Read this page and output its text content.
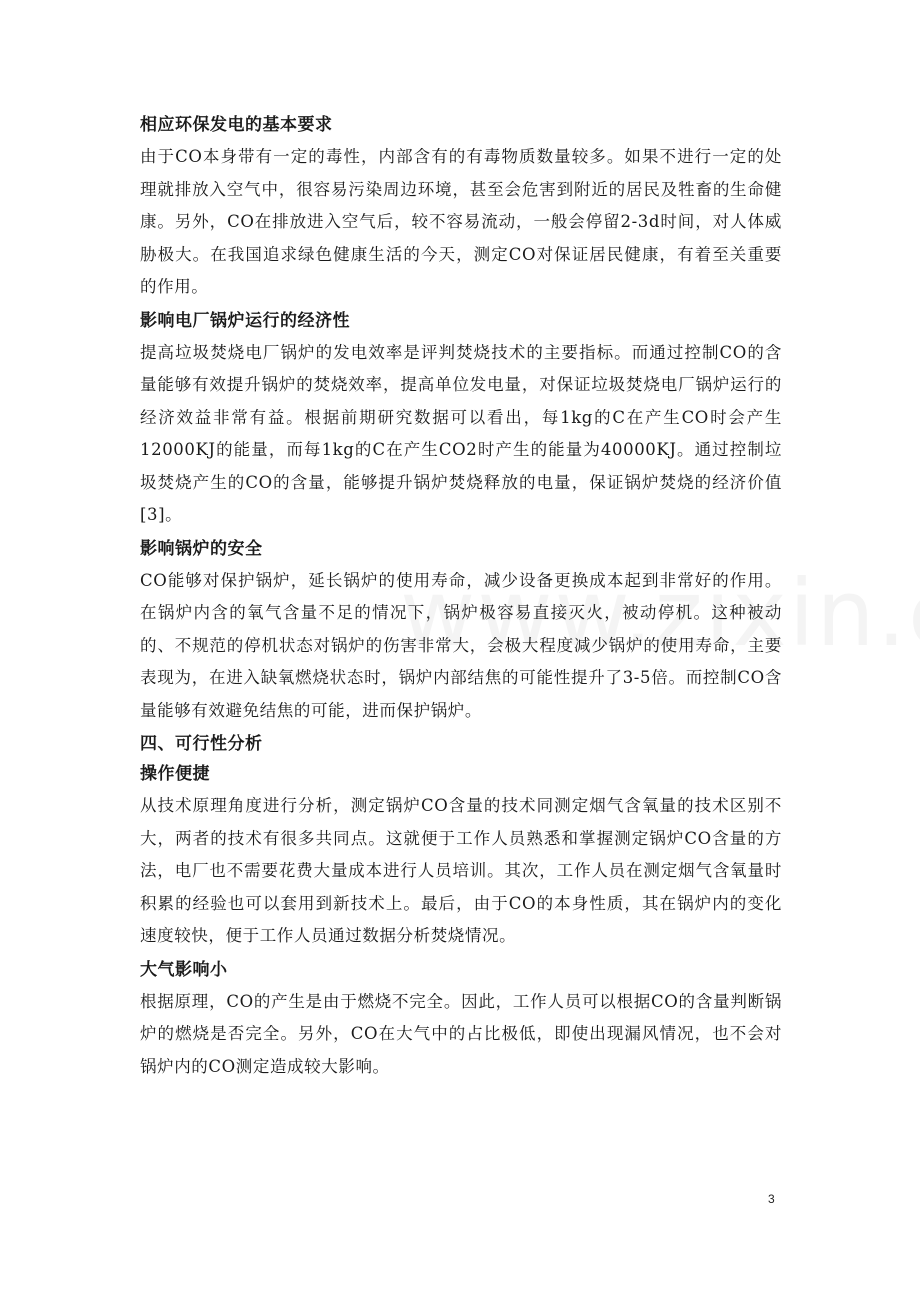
相应环保发电的基本要求

由于CO本身带有一定的毒性，内部含有的有毒物质数量较多。如果不进行一定的处理就排放入空气中，很容易污染周边环境，甚至会危害到附近的居民及牲畜的生命健康。另外，CO在排放进入空气后，较不容易流动，一般会停留2-3d时间，对人体威胁极大。在我国追求绿色健康生活的今天，测定CO对保证居民健康，有着至关重要的作用。

影响电厂锅炉运行的经济性

提高垃圾焚烧电厂锅炉的发电效率是评判焚烧技术的主要指标。而通过控制CO的含量能够有效提升锅炉的焚烧效率，提高单位发电量，对保证垃圾焚烧电厂锅炉运行的经济效益非常有益。根据前期研究数据可以看出，每1kg的C在产生CO时会产生12000KJ的能量，而每1kg的C在产生CO2时产生的能量为40000KJ。通过控制垃圾焚烧产生的CO的含量，能够提升锅炉焚烧释放的电量，保证锅炉焚烧的经济价值[3]。

影响锅炉的安全

CO能够对保护锅炉，延长锅炉的使用寿命，减少设备更换成本起到非常好的作用。在锅炉内含的氧气含量不足的情况下，锅炉极容易直接灭火，被动停机。这种被动的、不规范的停机状态对锅炉的伤害非常大，会极大程度减少锅炉的使用寿命，主要表现为，在进入缺氧燃烧状态时，锅炉内部结焦的可能性提升了3-5倍。而控制CO含量能够有效避免结焦的可能，进而保护锅炉。

四、可行性分析
操作便捷

从技术原理角度进行分析，测定锅炉CO含量的技术同测定烟气含氧量的技术区别不大，两者的技术有很多共同点。这就便于工作人员熟悉和掌握测定锅炉CO含量的方法，电厂也不需要花费大量成本进行人员培训。其次，工作人员在测定烟气含氧量时积累的经验也可以套用到新技术上。最后，由于CO的本身性质，其在锅炉内的变化速度较快，便于工作人员通过数据分析焚烧情况。

大气影响小

根据原理，CO的产生是由于燃烧不完全。因此，工作人员可以根据CO的含量判断锅炉的燃烧是否完全。另外，CO在大气中的占比极低，即使出现漏风情况，也不会对锅炉内的CO测定造成较大影响。

3
